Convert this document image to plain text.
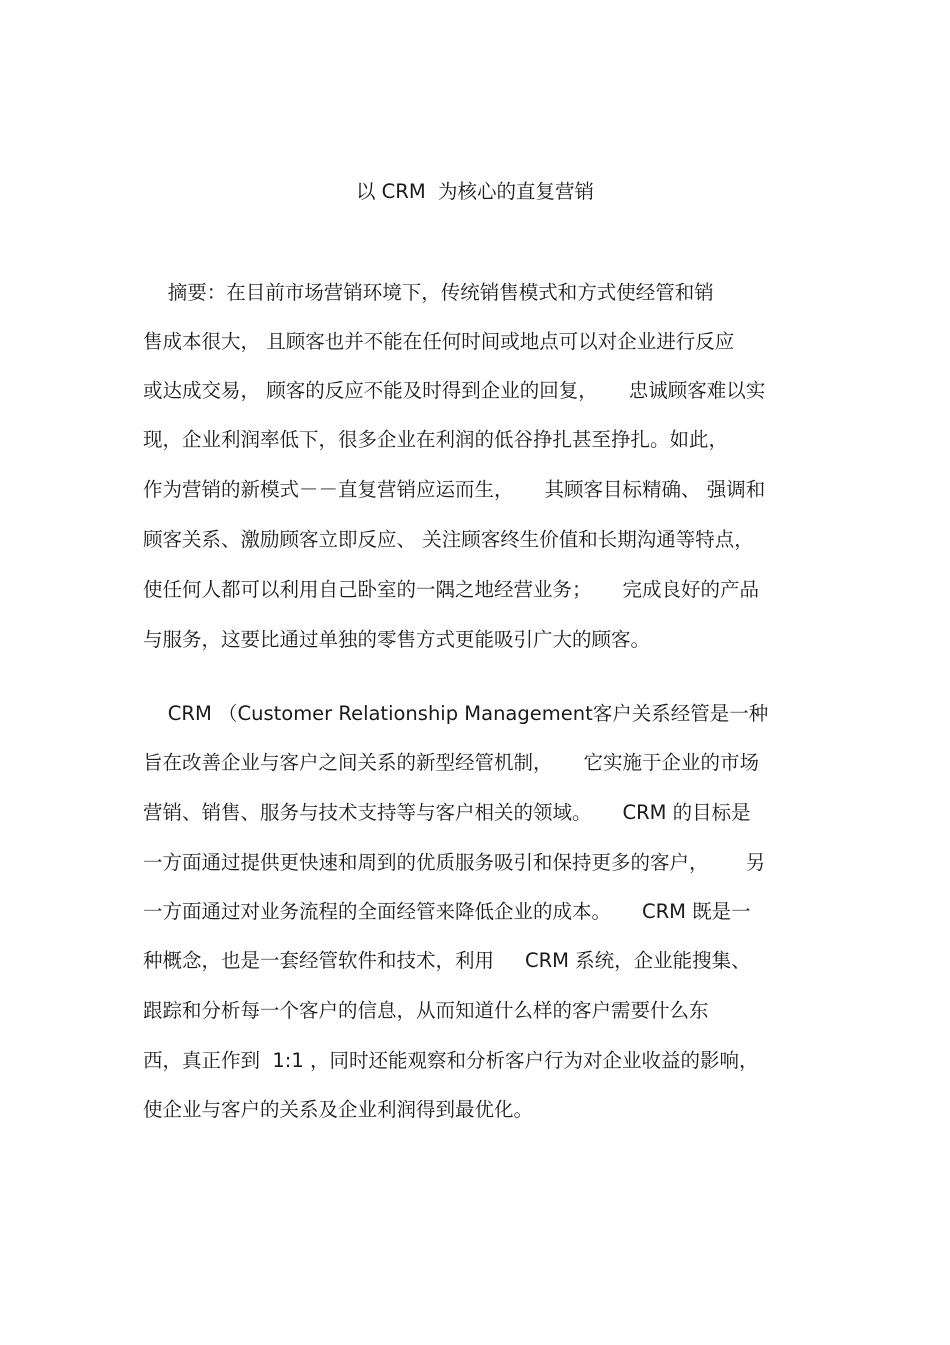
以 CRM  为核心的直复营销
摘要：在目前市场营销环境下，传统销售模式和方式使经管和销
售成本很大， 且顾客也并不能在任何时间或地点可以对企业进行反应
或达成交易， 顾客的反应不能及时得到企业的回复，     忠诚顾客难以实
现，企业利润率低下，很多企业在利润的低谷挣扎甚至挣扎。如此，
作为营销的新模式－－直复营销应运而生，     其顾客目标精确、 强调和
顾客关系、激励顾客立即反应、 关注顾客终生价值和长期沟通等特点，
使任何人都可以利用自己卧室的一隅之地经营业务；     完成良好的产品
与服务，这要比通过单独的零售方式更能吸引广大的顾客。
CRM （Customer Relationship Management客户关系经管是一种
旨在改善企业与客户之间关系的新型经管机制，     它实施于企业的市场
营销、销售、服务与技术支持等与客户相关的领域。     CRM 的目标是
一方面通过提供更快速和周到的优质服务吸引和保持更多的客户，      另
一方面通过对业务流程的全面经管来降低企业的成本。     CRM 既是一
种概念，也是一套经管软件和技术，利用     CRM 系统，企业能搜集、
跟踪和分析每一个客户的信息，从而知道什么样的客户需要什么东
西，真正作到  1:1 ，同时还能观察和分析客户行为对企业收益的影响，
使企业与客户的关系及企业利润得到最优化。
